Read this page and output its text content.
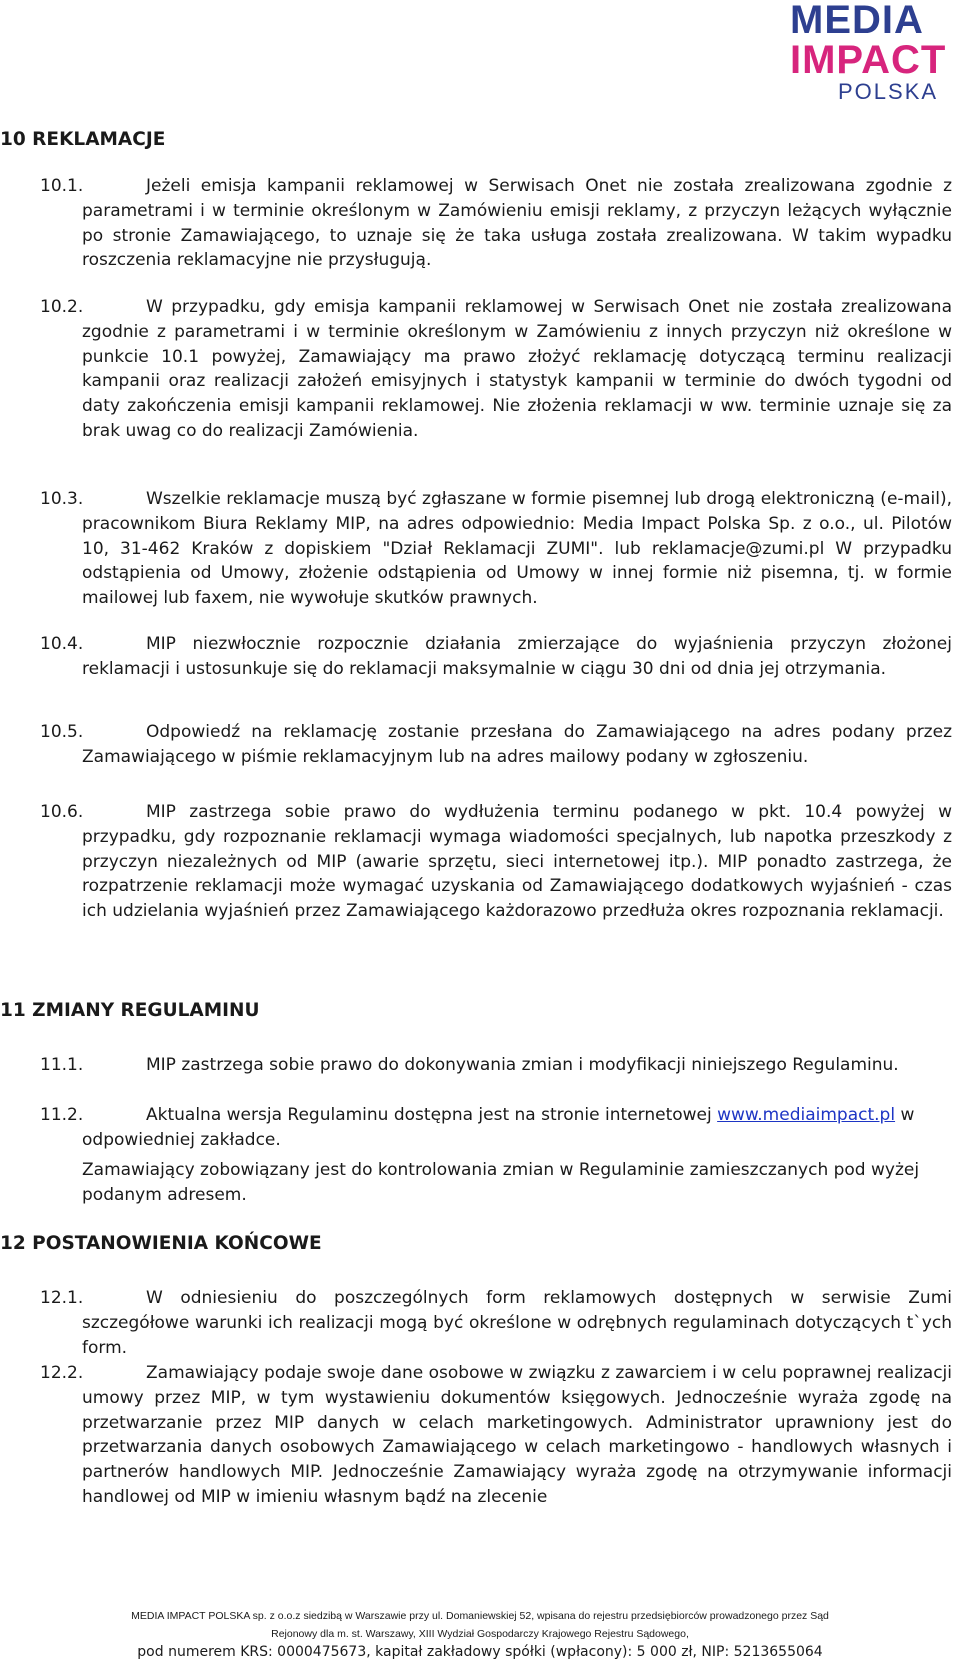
MEDIA
IMPACT
POLSKA
10 REKLAMACJE
10.1.	Jeżeli emisja kampanii reklamowej w Serwisach Onet nie została zrealizowana zgodnie z parametrami i w terminie określonym w Zamówieniu emisji reklamy, z przyczyn leżących wyłącznie po stronie Zamawiającego, to uznaje się że taka usługa została zrealizowana. W takim wypadku roszczenia reklamacyjne nie przysługują.
10.2.	W przypadku, gdy emisja kampanii reklamowej w Serwisach Onet nie została zrealizowana zgodnie z parametrami i w terminie określonym w Zamówieniu z innych przyczyn niż określone w punkcie 10.1 powyżej, Zamawiający ma prawo złożyć reklamację dotyczącą terminu realizacji kampanii oraz realizacji założeń emisyjnych i statystyk kampanii w terminie do dwóch tygodni od daty zakończenia emisji kampanii reklamowej. Nie złożenia reklamacji w ww. terminie uznaje się za brak uwag co do realizacji Zamówienia.
10.3.	Wszelkie reklamacje muszą być zgłaszane w formie pisemnej lub drogą elektroniczną (e-mail), pracownikom Biura Reklamy MIP, na adres odpowiednio: Media Impact Polska Sp. z o.o., ul. Pilotów 10, 31-462 Kraków z dopiskiem "Dział Reklamacji ZUMI". lub reklamacje@zumi.pl W przypadku odstąpienia od Umowy, złożenie odstąpienia od Umowy w innej formie niż pisemna, tj. w formie mailowej lub faxem, nie wywołuje skutków prawnych.
10.4.	MIP niezwłocznie rozpocznie działania zmierzające do wyjaśnienia przyczyn złożonej reklamacji i ustosunkuje się do reklamacji maksymalnie w ciągu 30 dni od dnia jej otrzymania.
10.5.	Odpowiedź na reklamację zostanie przesłana do Zamawiającego na adres podany przez Zamawiającego w piśmie reklamacyjnym lub na adres mailowy podany w zgłoszeniu.
10.6.	MIP zastrzega sobie prawo do wydłużenia terminu podanego w pkt. 10.4 powyżej w przypadku, gdy rozpoznanie reklamacji wymaga wiadomości specjalnych, lub napotka przeszkody z przyczyn niezależnych od MIP (awarie sprzętu, sieci internetowej itp.). MIP ponadto zastrzega, że rozpatrzenie reklamacji może wymagać uzyskania od Zamawiającego dodatkowych wyjaśnień - czas ich udzielania wyjaśnień przez Zamawiającego każdorazowo przedłuża okres rozpoznania reklamacji.
11 ZMIANY REGULAMINU
11.1.	MIP zastrzega sobie prawo do dokonywania zmian i modyfikacji niniejszego Regulaminu.
11.2.	Aktualna wersja Regulaminu dostępna jest na stronie internetowej www.mediaimpact.pl w odpowiedniej zakładce.
Zamawiający zobowiązany jest do kontrolowania zmian w Regulaminie zamieszczanych pod wyżej podanym adresem.
12 POSTANOWIENIA KOŃCOWE
12.1.	W odniesieniu do poszczególnych form reklamowych dostępnych w serwisie Zumi szczegółowe warunki ich realizacji mogą być określone w odrębnych regulaminach dotyczących t`ych form.
12.2.	Zamawiający podaje swoje dane osobowe w związku z zawarciem i w celu poprawnej realizacji umowy przez MIP, w tym wystawieniu dokumentów księgowych. Jednocześnie wyraża zgodę na przetwarzanie przez MIP danych w celach marketingowych. Administrator uprawniony jest do przetwarzania danych osobowych Zamawiającego w celach marketingowo - handlowych własnych i partnerów handlowych MIP. Jednocześnie Zamawiający wyraża zgodę na otrzymywanie informacji handlowej od MIP w imieniu własnym bądź na zlecenie

MEDIA IMPACT POLSKA sp. z o.o.z siedzibą w Warszawie przy ul. Domaniewskiej 52, wpisana do rejestru przedsiębiorców prowadzonego przez Sąd

Rejonowy dla m. st. Warszawy, XIII Wydział Gospodarczy Krajowego Rejestru Sądowego,

pod numerem KRS: 0000475673, kapitał zakładowy spółki (wpłacony): 5 000 zł, NIP: 5213655064
